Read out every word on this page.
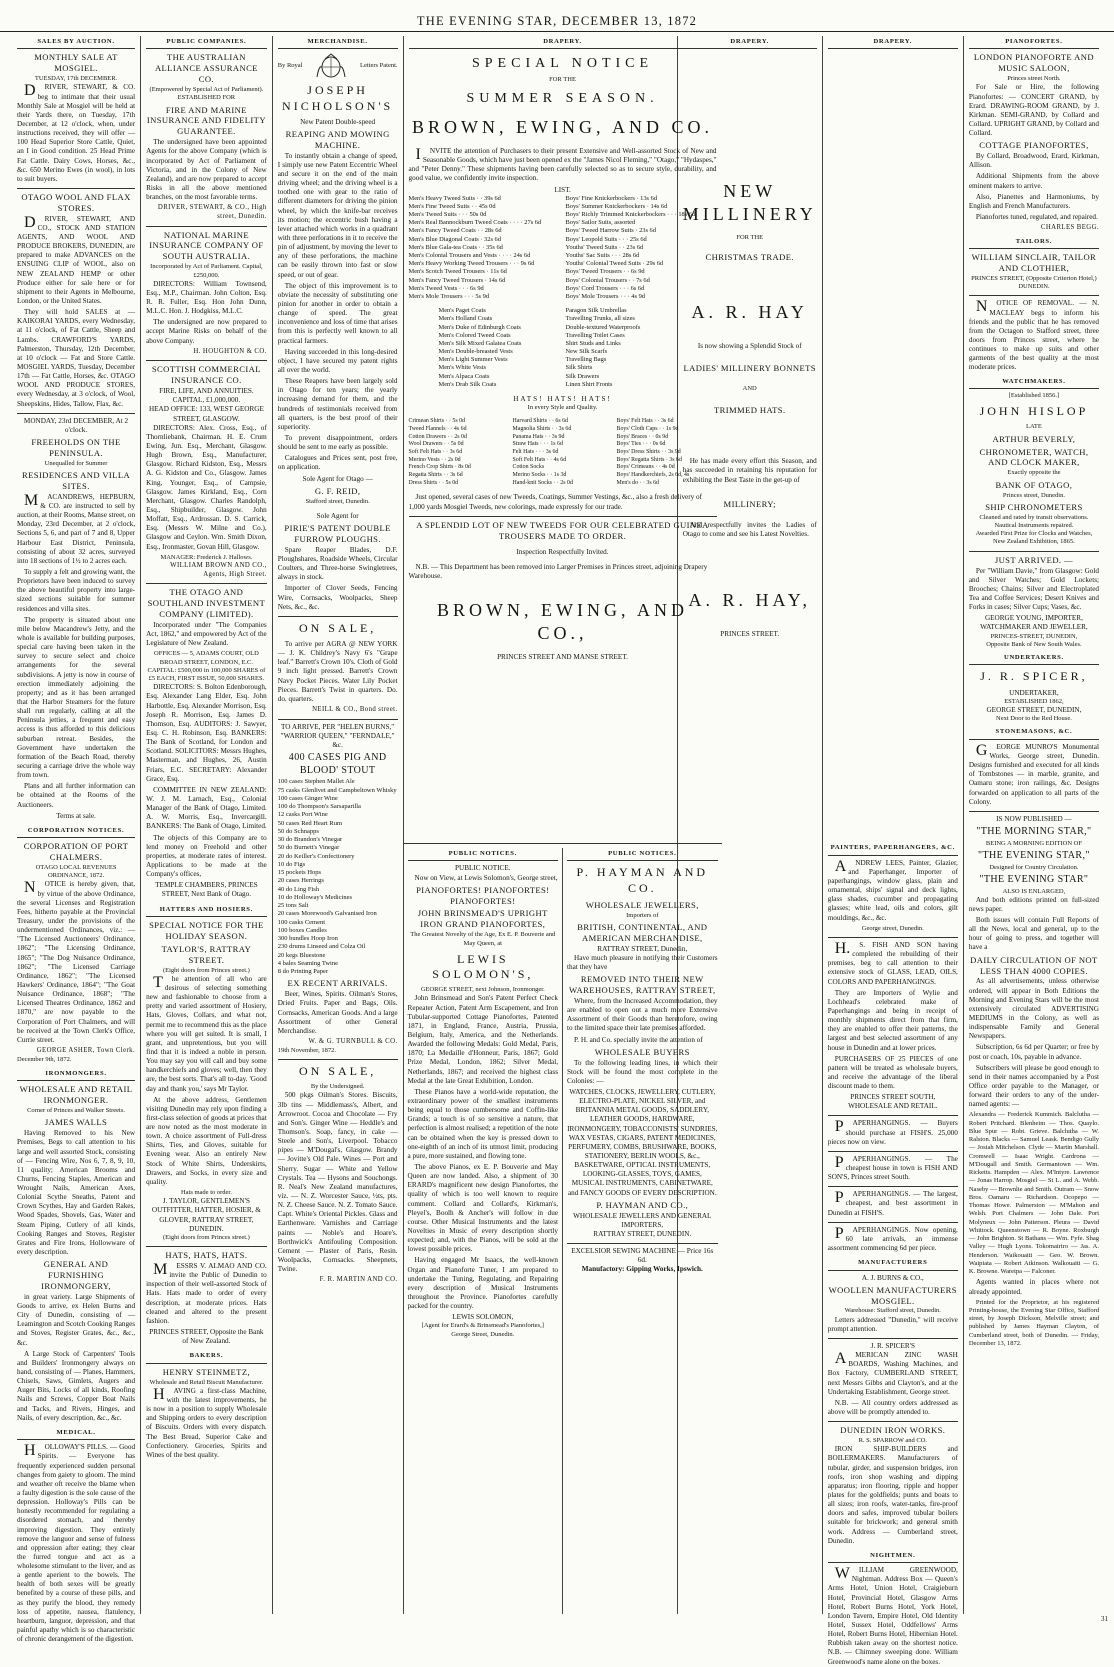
THE EVENING STAR, DECEMBER 13, 1872
SALES BY AUCTION.
MONTHLY SALE AT MOSGIEL.
TUESDAY, 17th DECEMBER.

DRIVER, STEWART, & CO. beg to intimate that their usual Monthly Sale at Mosgiel will be held at their Yards there, on Tuesday, 17th December, at 12 o'clock, when, under instructions received, they will offer — 100 Head Superior Store Cattle, Quiet, an I in Good condition. 25 Head Prime Fat Cattle. Dairy Cows, Horses, &c., &c. 650 Merino Ewes (in wool), in lots to suit buyers.

OTAGO WOOL AND FLAX STORES.

DRIVER, STEWART, AND CO., STOCK AND STATION AGENTS, AND WOOL AND PRODUCE BROKERS, DUNEDIN, are prepared to make ADVANCES on the ENSUING CLIP of WOOL, also on NEW ZEALAND HEMP or other Produce either for sale here or for shipment to their Agents in Melbourne, London, or the United States.

They will hold SALES at — KAIKORAI YARDS, every Wednesday, at 11 o'clock, of Fat Cattle, Sheep and Lambs. CRAWFORD'S YARDS, Palmerston, Thursday, 12th December, at 10 o'clock — Fat and Store Cattle. MOSGIEL YARDS, Tuesday, December 17th — Fat Cattle, Horses, &c. OTAGO WOOL AND PRODUCE STORES, every Wednesday, at 3 o'clock, of Wool, Sheepskins, Hides, Tallow, Flax, &c.

MONDAY, 23rd DECEMBER, At 2 o'clock.
FREEHOLDS ON THE PENINSULA.
Unequalled for Summer
RESIDENCES AND VILLA SITES.

MACANDREWS, HEPBURN, & CO. are instructed to sell by auction, at their Rooms, Manse street, on Monday, 23rd December, at 2 o'clock, Sections 5, 6, and part of 7 and 8, Upper Harbour East District, Peninsula, consisting of about 32 acres, surveyed into 18 sections of 1½ to 2 acres each.

To supply a felt and growing want, the Proprietors have been induced to survey the above beautiful property into large-sized sections suitable for summer residences and villa sites.

The property is situated about one mile below Macandrew's Jetty, and the whole is available for building purposes, special care having been taken in the survey to secure select and choice arrangements for the several subdivisions. A jetty is now in course of erection immediately adjoining the property; and as it has been arranged that the Harbor Steamers for the future shall run regularly, calling at all the Peninsula jetties, a frequent and easy access is thus afforded to this delicious suburban retreat. Besides, the Government have undertaken the formation of the Beach Road, thereby securing a carriage drive the whole way from town.

Plans and all further information can be obtained at the Rooms of the Auctioneers.

Terms at sale.
CORPORATION NOTICES.
CORPORATION OF PORT CHALMERS.
OTAGO LOCAL REVENUES ORDINANCE, 1872.

NOTICE is hereby given, that, by virtue of the above Ordinance, the several Licenses and Registration Fees, hitherto payable at the Provincial Treasury, under the provisions of the undermentioned Ordinances, viz.: — "The Licensed Auctioneers' Ordinance, 1862"; "The Licensing Ordinance, 1865"; "The Dog Nuisance Ordinance, 1862"; "The Licensed Carriage Ordinance, 1862"; "The Licensed Hawkers' Ordinance, 1864"; "The Goat Nuisance Ordinance, 1868"; "The Licensed Theatres Ordinance, 1862 and 1870," are now payable to the Corporation of Port Chalmers, and will be received at the Town Clerk's Office, Currie street.

GEORGE ASHER, Town Clerk.
December 9th, 1872.
IRONMONGERS.
WHOLESALE AND RETAIL IRONMONGER.
Corner of Princes and Walker Streets.
JAMES WALLS

Having Removed to his New Premises, Begs to call attention to his large and well assorted Stock, consisting of — Fencing Wire, Nos 6, 7, 8, 9, 10, 11 quality; American Brooms and Churns, Fencing Staples, American and Wrought Nails, American Axes, Colonial Scythe Sneaths, Patent and Crown Scythes, Hay and Garden Rakes, Wood Spades, Shovels, Gas, Water and Steam Piping, Cutlery of all kinds, Cooking Ranges and Stoves, Register Grates and Fire Irons, Hollowware of every description.

GENERAL AND FURNISHING IRONMONGERY,

in great variety. Large Shipments of Goods to arrive, ex Helen Burns and City of Dunedin, consisting of — Leamington and Scotch Cooking Ranges and Stoves, Register Grates, &c., &c., &c.

A Large Stock of Carpenters' Tools and Builders' Ironmongery always on hand, consisting of — Planes, Hammers, Chisels, Saws, Gimlets, Augers and Auger Bits, Locks of all kinds, Roofing Nails and Screws, Copper Boat Nails and Tacks, and Rivets, Hinges, and Nails, of every description, &c., &c.

MEDICAL.

HOLLOWAY'S PILLS. — Good Spirits. — Everyone has frequently experienced sudden personal changes from gaiety to gloom. The mind and weather oft receive the blame when a faulty digestion is the sole cause of the depression. Holloway's Pills can be honestly recommended for regulating a disordered stomach, and thereby improving digestion. They entirely remove the languor and sense of fulness and oppression after eating; they clear the furred tongue and act as a wholesome stimulant to the liver, and as a gentle aperient to the bowels. The health of both sexes will be greatly benefited by a course of these pills, and as they purify the blood, they remedy loss of appetite, nausea, flatulency, heartburn, languor, depression, and that painful apathy which is so characteristic of chronic derangement of the digestion.

PUBLIC COMPANIES.
THE AUSTRALIAN ALLIANCE ASSURANCE CO.
(Empowered by Special Act of Parliament).
ESTABLISHED FOR
FIRE AND MARINE INSURANCE AND FIDELITY GUARANTEE.

The undersigned have been appointed Agents for the above Company (which is incorporated by Act of Parliament of Victoria, and in the Colony of New Zealand), and are now prepared to accept Risks in all the above mentioned branches, on the most favorable terms.

DRIVER, STEWART, & CO., High street, Dunedin.
NATIONAL MARINE INSURANCE COMPANY OF SOUTH AUSTRALIA.
Incorporated by Act of Parliament. Capital, £250,000.

DIRECTORS: William Townsend, Esq., M.P., Chairman. John Colton, Esq. R. R. Fuller, Esq. Hon John Dunn, M.L.C. Hon. J. Hodgkiss, M.L.C.

The undersigned are now prepared to accept Marine Risks on behalf of the above Company.

H. HOUGHTON & CO.
SCOTTISH COMMERCIAL INSURANCE CO.
FIRE, LIFE, AND ANNUITIES.
CAPITAL, £1,000,000.
HEAD OFFICE: 133, WEST GEORGE STREET, GLASGOW.

DIRECTORS: Alex. Cross, Esq., of Thornliebank, Chairman. H. E. Crum Ewing, Jun. Esq., Merchant, Glasgow. Hugh Brown, Esq., Manufacturer, Glasgow. Richard Kidston, Esq., Messrs A. G. Kidston and Co., Glasgow. James King, Younger, Esq., of Campsie, Glasgow. James Kirkland, Esq., Corn Merchant, Glasgow. Charles Randolph, Esq., Shipbuilder, Glasgow. John Moffatt, Esq., Ardrossan. D. S. Carrick, Esq. (Messrs W. Milne and Co.), Glasgow and Ceylon. Wm. Smith Dixon, Esq., Ironmaster, Govan Hill, Glasgow.

MANAGER: Frederick J. Hallows.
WILLIAM BROWN AND CO., Agents, High Street.
THE OTAGO AND SOUTHLAND INVESTMENT COMPANY (LIMITED).

Incorporated under "The Companies Act, 1862," and empowered by Act of the Legislature of New Zealand.

OFFICES — 5, ADAMS COURT, OLD BROAD STREET, LONDON, E.C.
CAPITAL: £500,000 in 100,000 SHARES of £5 EACH, FIRST ISSUE, 50,000 SHARES.

DIRECTORS: S. Bolton Edenborough, Esq. Alexander Lang Elder, Esq. John Harbottle, Esq. Alexander Morrison, Esq. Joseph R. Morrison, Esq. James D. Thomson, Esq. AUDITORS: J. Sawyer, Esq. C. H. Robinson, Esq. BANKERS: The Bank of Scotland, for London and Scotland. SOLICITORS: Messrs Hughes, Masterman, and Hughes, 26, Austin Friars, E.C. SECRETARY: Alexander Grace, Esq.

COMMITTEE IN NEW ZEALAND: W. J. M. Larnach, Esq., Colonial Manager of the Bank of Otago, Limited. A. W. Morris, Esq., Invercargill. BANKERS: The Bank of Otago, Limited.

The objects of this Company are to lend money on Freehold and other properties, at moderate rates of interest. Applications to be made at the Company's offices,

TEMPLE CHAMBERS, PRINCES STREET, Next Bank of Otago.
HATTERS AND HOSIERS.
SPECIAL NOTICE FOR THE HOLIDAY SEASON.
TAYLOR'S, RATTRAY STREET.
(Eight doors from Princes street.)

The attention of all who are desirous of selecting something new and fashionable to choose from a pretty and varied assortment of Hosiery, Hats, Gloves, Collars, and what not, permit me to recommend this as the place where you will get suited. It is small, I grant, and unpretentious, but you will find that it is indeed a noble in person. You may say you will call and buy some handkerchiefs and gloves; well, then they are, the best sorts. That's all to-day. 'Good day and thank you,' says Mr Taylor.

At the above address, Gentlemen visiting Dunedin may rely upon finding a first-class selection of goods at prices that are now noted as the most moderate in town. A choice assortment of Full-dress Shirts, Ties, and Gloves, suitable for Evening wear. Also an entirely New Stock of White Shirts, Underskirts, Drawers, and Socks, in every size and quality.

Hats made to order.
J. TAYLOR, GENTLEMEN'S OUTFITTER, HATTER, HOSIER, & GLOVER, RATTRAY STREET, DUNEDIN.
(Eight doors from Princes street.)
HATS, HATS, HATS.

MESSRS V. ALMAO AND CO. invite the Public of Dunedin to inspection of their well-assorted Stock of Hats. Hats made to order of every description, at moderate prices. Hats cleaned and altered to the present fashion.

PRINCES STREET, Opposite the Bank of New Zealand.
BAKERS.
HENRY STEINMETZ,
Wholesale and Retail Biscuit Manufacturer.

HAVING a first-class Machine, with the latest improvements, he is now in a position to supply Wholesale and Shipping orders to every description of Biscuits. Orders with every dispatch. The Best Bread, Superior Cake and Confectionery. Groceries, Spirits and Wines of the best quality.

MERCHANDISE.
By Royal	Letters Patent.
JOSEPH NICHOLSON'S
New Patent Double-speed
REAPING AND MOWING MACHINE.

To instantly obtain a change of speed, I simply use new Patent Eccentric Wheel and secure it on the end of the main driving wheel; and the driving wheel is a toothed one with gear to the ratio of different diameters for driving the pinion wheel, by which the knife-bar receives its motion; the eccentric bush having a lever attached which works in a quadrant with three perforations in it to receive the pin of adjustment, by moving the lever to any of these perforations, the machine can be easily thrown into fast or slow speed, or out of gear.

The object of this improvement is to obviate the necessity of substituting one pinion for another in order to obtain a change of speed. The great inconvenience and loss of time that arises from this is perfectly well known to all practical farmers.

Having succeeded in this long-desired object, I have secured my patent rights all over the world.

These Reapers have been largely sold in Otago for ten years; the yearly increasing demand for them, and the hundreds of testimonials received from all quarters, is the best proof of their superiority.

To prevent disappointment, orders should be sent to me early as possible.

Catalogues and Prices sent, post free, on application.

Sole Agent for Otago —
G. F. REID,
Stafford street, Dunedin.
Sole Agent for
PIRIE'S PATENT DOUBLE FURROW PLOUGHS.

Spare Reaper Blades, D.F. Ploughshares, Roadside Wheels, Circular Coulters, and Three-horse Swingletrees, always in stock.

Importer of Clover Seeds, Fencing Wire, Cornsacks, Woolpacks, Sheep Nets, &c., &c.

ON SALE,

To arrive per AGRA @ NEW YORK — J. K. Childrey's Navy 6's "Grape leaf." Barrett's Crown 10's. Cloth of Gold 9 inch light pressed. Barrett's Crown Navy Pocket Pieces. Water Lily Pocket Pieces. Barrett's Twist in quarters. Do. do. quarters.

NEILL & CO., Bond street.
TO ARRIVE, PER "HELEN BURNS," "WARRIOR QUEEN," "FERNDALE," &c.
400 CASES PIG AND BLOOD' STOUT
100 cases Stephen Mallet Ale
75 casks Glenlivet and Campbeltown Whisky
100 cases Ginger Wine
100 do Thompson's Sarsaparilla
12 casks Port Wine
50 cases Red Heart Rum
50 do Schnapps
30 do Brandon's Vinegar
50 do Burnett's Vinegar
20 do Keiller's Confectionery
10 do Figs
15 pockets Hops
20 cases Herrings
40 do Ling Fish
10 do Holloway's Medicines
25 tons Salt
20 cases Morewood's Galvanised Iron
100 casks Cement
100 boxes Candles
300 bundles Hoop Iron
230 drums Linseed and Colza Oil
20 kegs Bluestone
4 bales Seaming Twine
8 do Printing Paper
EX RECENT ARRIVALS.

Beer, Wines, Spirits. Oilman's Stores, Dried Fruits. Paper and Bags, Oils. Cornsacks, American Goods. And a large Assortment of other General Merchandise.

W. & G. TURNBULL & CO.
19th November, 1872.
ON SALE,
By the Undersigned.

500 pkgs Oilman's Stores. Biscuits, 3lb tins — Middlemass's, Albert, and Arrowroot. Cocoa and Chocolate — Fry and Son's. Ginger Wine — Heddle's and Thomson's. Soap, fancy, in cake — Steele and Son's, Liverpool. Tobacco pipes — M'Dougal's, Glasgow. Brandy — Jovitte's Old Pale. Wines — Port and Sherry. Sugar — White and Yellow Crystals. Tea — Hysons and Souchongs. R. Neal's New Zealand manufactures, viz. — N. Z. Worcester Sauce, ½ts, pts. N. Z. Cheese Sauce. N. Z. Tomato Sauce. Capt. White's Oriental Pickles. Glass and Earthenware. Varnishes and Carriage paints — Noble's and Hoare's. Borthwick's Antifouling Composition. Cement — Plaster of Paris, Resin. Woolpacks, Cornsacks. Sheepnets, Twine.

F. R. MARTIN AND CO.
DRAPERY.
SPECIAL NOTICE
FOR THE
SUMMER SEASON.
BROWN, EWING, AND CO.

INVITE the attention of Purchasers to their present Extensive and Well-assorted Stock of New and Seasonable Goods, which have just been opened ex the "James Nicol Fleming," "Otago," "Hydaspes," and "Peter Denny." These shipments having been carefully selected so as to secure style, durability, and good value, we confidently invite inspection.

LIST.
Men's Heavy Tweed Suits · · 39s 6d
Men's Fine Tweed Suits · · 45s 0d
Men's Tweed Suits · · · 50s 0d
Men's Real Bannockburn Tweed Coats · · · · 27s 6d
Men's Fancy Tweed Coats · · 28s 6d
Men's Blue Diagonal Coats · 32s 6d
Men's Blue Gala-tea Coats · · 35s 6d
Men's Colonial Trousers and Vests · · · · 24s 6d
Men's Heavy Working Tweed Trousers · · · 9s 6d
Men's Scotch Tweed Trousers · 11s 6d
Men's Fancy Tweed Trousers · 14s 6d
Men's Tweed Vests · · · 6s 9d
Men's Mole Trousers · · · 5s 9d
Boys' Fine Knickerbockers · 13s 6d
Boys' Summer Knickerbockers · 14s 6d
Boys' Richly Trimmed Knickerbockers · · · 18s 6d
Boys' Sailor Suits, assorted
Boys' Tweed Harrow Suits · 23s 6d
Boys' Leopold Suits · · · 25s 6d
Youths' Tweed Suits · · 23s 6d
Youths' Sac Suits · · · 28s 6d
Youths' Colonial Tweed Suits · 29s 6d
Boys' Tweed Trousers · · 6s 9d
Boys' Colonial Trousers · · 7s 6d
Boys' Cord Trousers · · · 6s 6d
Boys' Mole Trousers · · · 4s 9d
Men's Paget Coats
Men's Holland Coats
Men's Duke of Edinburgh Coats
Men's Colored Tweed Coats
Men's Silk Mixed Galatea Coats
Men's Double-breasted Vests
Men's Light Summer Vests
Men's White Vests
Men's Alpaca Coats
Men's Drab Silk Coats
Paragon Silk Umbrellas
Travelling Trunks, all sizes
Double-textured Waterproofs
Travelling Toilet Cases
Shirt Studs and Links
New Silk Scarfs
Travelling Bags
Silk Shirts
Silk Drawers
Linen Shirt Fronts
HATS! HATS! HATS!
In every Style and Quality.
Crimean Shirts · · 5s 0d
Tweed Flannels · · 4s 6d
Cotton Drawers · · 2s 0d
Wool Drawers · · 5s 0d
Soft Felt Hats · · 3s 6d
Merino Vests · · 2s 0d
French Crop Shirts · 8s 0d
Regatta Shirts · · 3s 6d
Dress Shirts · · 5s 0d
Harvard Shirts · · 6s 6d
Magnolia Shirts · · 3s 6d
Panama Hats · · 3s 9d
Straw Hats · · · 1s 6d
Felt Hats · · · 3s 6d
Soft Felt Hats · · 4s 6d
Cotton Socks
Merino Socks · · 1s 3d
Hand-knit Socks · · 2s 0d
Boys' Felt Hats · · 3s 6d
Boys' Cloth Caps · · 1s 9d
Boys' Braces · · 0s 9d
Boys' Ties · · · 0s 6d
Boys' Dress Shirts · · 3s 9d
Boys' Regatta Shirts · 3s 6d
Boys' Crimeans · · 4s 0d
Boys' Handkerchiefs, 2s 6d, 4s
Men's do · · 3s 6d

Just opened, several cases of new Tweeds, Coatings, Summer Vestings, &c., also a fresh delivery of 1,000 yards Mosgiel Tweeds, new colorings, made expressly for our trade.

A SPLENDID LOT OF NEW TWEEDS FOR OUR CELEBRATED GUINEA TROUSERS MADE TO ORDER.
Inspection Respectfully Invited.

N.B. — This Department has been removed into Larger Premises in Princes street, adjoining Drapery Warehouse.

BROWN, EWING, AND CO.,
PRINCES STREET AND MANSE STREET.
PUBLIC NOTICES.
PUBLIC NOTICE.

Now on View, at Lewis Solomon's, George street,

PIANOFORTES! PIANOFORTES! PIANOFORTES!
JOHN BRINSMEAD'S UPRIGHT IRON GRAND PIANOFORTES,
The Greatest Novelty of the Age, Ex E. P. Bouverie and May Queen, at
LEWIS SOLOMON'S,
GEORGE STREET, next Johnson, Ironmonger.

John Brinsmead and Son's Patent Perfect Check Repeater Action, Patent Arm Escapement, and Iron Tubular-supported Cottage Pianofortes, Patented 1871, in England, France, Austria, Prussia, Belgium, Italy, America, and the Netherlands. Awarded the following Medals: Gold Medal, Paris, 1870; La Medaille d'Honneur, Paris, 1867; Gold Prize Medal, London, 1862; Silver Medal, Netherlands, 1867; and received the highest class Medal at the late Great Exhibition, London.

These Pianos have a world-wide reputation, the extraordinary power of the smallest instruments being equal to those cumbersome and Coffin-like Grands; a touch is of so sensitive a nature, that perfection is almost realised; a repetition of the note can be obtained when the key is pressed down to one-eighth of an inch of its utmost limit, producing a pure, more sustained, and flowing tone.

The above Pianos, ex E. P. Bouverie and May Queen are now landed. Also, a shipment of 30 ERARD's magnificent new design Pianofortes, the quality of which is too well known to require comment. Collard and Collard's, Kirkman's, Pleyel's, Boolh & Ancher's will follow in due course. Other Musical Instruments and the latest Novelties in Music of every description shortly expected; and, with the Pianos, will be sold at the lowest possible prices.

Having engaged Mr Isaacs, the well-known Organ and Pianoforte Tuner, I am prepared to undertake the Tuning, Regulating, and Repairing every description of Musical Instruments throughout the Province. Pianofortes carefully packed for the country.

LEWIS SOLOMON,
[Agent for Erard's & Brinsmead's Pianofortes,]
George Street, Dunedin.
PUBLIC NOTICES.
P. HAYMAN AND CO.
WHOLESALE JEWELLERS,
Importers of
BRITISH, CONTINENTAL, AND AMERICAN MERCHANDISE,
RATTRAY STREET, Dunedin,

Have much pleasure in notifying their Customers that they have

REMOVED INTO THEIR NEW WAREHOUSES, RATTRAY STREET,

Where, from the Increased Accommodation, they are enabled to open out a much more Extensive Assortment of their Goods than heretofore, owing to the limited space their late premises afforded.

P. H. and Co. specially invite the attention of

WHOLESALE BUYERS

To the following leading lines, in which their Stock will be found the most complete in the Colonies: —

WATCHES, CLOCKS, JEWELLERY, CUTLERY, ELECTRO-PLATE, NICKEL SILVER, and BRITANNIA METAL GOODS, SADDLERY, LEATHER GOODS, HARDWARE, IRONMONGERY, TOBACCONISTS' SUNDRIES, WAX VESTAS, CIGARS, PATENT MEDICINES, PERFUMERY, COMBS, BRUSHWARE, BOOKS, STATIONERY, BERLIN WOOLS, &c., BASKETWARE, OPTICAL INSTRUMENTS, LOOKING-GLASSES, TOYS, GAMES, MUSICAL INSTRUMENTS, CABINETWARE, and FANCY GOODS OF EVERY DESCRIPTION.
P. HAYMAN AND CO.,
WHOLESALE JEWELLERS AND GENERAL IMPORTERS,
RATTRAY STREET, DUNEDIN.
EXCELSIOR SEWING MACHINE — Price 16s 6d.
Manufactory: Gipping Works, Ipswich.
DRAPERY.
NEW MILLINERY
FOR THE
CHRISTMAS TRADE.
A. R. HAY
Is now showing a Splendid Stock of
LADIES' MILLINERY BONNETS
AND
TRIMMED HATS.

He has made every effort this Season, and has succeeded in retaining his reputation for exhibiting the Best Taste in the get-up of

MILLINERY;

And respectfully invites the Ladies of Otago to come and see his Latest Novelties.

A. R. HAY,
PRINCES STREET.
DRAPERY.
PAINTERS, PAPERHANGERS, &C.

ANDREW LEES, Painter, Glazier, and Paperhanger, Importer of paperhangings, window glass, plain and ornamental, ships' signal and deck lights, glass shades, cucumber and propagating glasses; white lead, oils and colors, gilt mouldings, &c., &c.

George street, Dunedin.

H.S. FISH AND SON having completed the rebuilding of their premises, beg to call attention to their extensive stock of GLASS, LEAD, OILS, COLORS AND PAPERHANGINGS.

They are Importers of Wylie and Lochhead's celebrated make of Paperhangings and being in receipt of monthly shipments direct from that firm, they are enabled to offer their patterns, the largest and best selected assortment of any house in Dunedin and at lower prices.

PURCHASERS OF 25 PIECES of one pattern will be treated as wholesale buyers, and receive the advantage of the liberal discount made to them.

PRINCES STREET SOUTH, WHOLESALE AND RETAIL.

PAPERHANGINGS. — Buyers should purchase at FISH'S. 25,000 pieces now on view.

PAPERHANGINGS. — The cheapest house in town is FISH AND SON'S, Princes street South.

PAPERHANGINGS. — The largest, cheapest, and best assortment in Dunedin at FISH'S.

PAPERHANGINGS. Now opening, 60 late arrivals, an immense assortment commencing 6d per piece.

MANUFACTURERS
A. J. BURNS & CO.,
WOOLLEN MANUFACTURERS MOSGIEL.
Warehouse: Stafford street, Dunedin.

Letters addressed "Dunedin," will receive prompt attention.

J. R. SPICER'S

AMERICAN ZINC WASH BOARDS, Washing Machines, and Box Factory, CUMBERLAND STREET, next Messrs Gibbs and Clayton's, and at the Undertaking Establishment, George street.

N.B. — All country orders addressed as above will be promptly attended to.

DUNEDIN IRON WORKS.
R. S. SPARROW and CO.

IRON SHIP-BUILDERS and BOILERMAKERS. Manufacturers of tubular, girder, and suspension bridges, iron roofs, iron shop washing and dipping apparatus; iron flooring, ripple and hopper plates for the goldfields; punts and boats to all sizes; iron roofs, water-tanks, fire-proof doors and safes, improved tubular boilers suitable for brickwork; and general smith work. Address — Cumberland street, Dunedin.

NIGHTMEN.

WILLIAM GREENWOOD, Nightman. Address Box — Queen's Arms Hotel, Union Hotel, Craigieburn Hotel, Provincial Hotel, Glasgow Arms Hotel, Robert Burns Hotel, York Hotel, London Tavern, Empire Hotel, Old Identity Hotel, Sussex Hotel, Oddfellows' Arms Hotel, Robert Burns Hotel, Hibernian Hotel. Rubbish taken away on the shortest notice. N.B. — Chimney sweeping done. William Greenwood's name alone on the boxes.

PIANOFORTES.
LONDON PIANOFORTE AND MUSIC SALOON,
Princes street North.

For Sale or Hire, the following Pianofortes: — CONCERT GRAND, by Erard. DRAWING-ROOM GRAND, by J. Kirkman. SEMI-GRAND, by Collard and Collard. UPRIGHT GRAND, by Collard and Collard.

COTTAGE PIANOFORTES,

By Collard, Broadwood, Erard, Kirkman, Allison.

Additional Shipments from the above eminent makers to arrive.

Also, Pianettes and Harmoniums, by English and French Manufacturers.

Pianofortes tuned, regulated, and repaired.

CHARLES BEGG.
TAILORS.
WILLIAM SINCLAIR, TAILOR AND CLOTHIER,
PRINCES STREET, (Opposite Criterion Hotel,) DUNEDIN.

NOTICE OF REMOVAL. — N. MACLEAY begs to inform his friends and the public that he has removed from the Octagon to Stafford street, three doors from Princes street, where he continues to make up suits and other garments of the best quality at the most moderate prices.

WATCHMAKERS.
[Established 1856.]
JOHN HISLOP
LATE
ARTHUR BEVERLY,
CHRONOMETER, WATCH, AND CLOCK MAKER,
Exactly opposite the
BANK OF OTAGO,
Princes street, Dunedin.
SHIP CHRONOMETERS
Cleaned and rated by transit observations. Nautical Instruments repaired.
Awarded First Prize for Clocks and Watches, New Zealand Exhibition, 1865.
JUST ARRIVED. —

Per "William Davie," from Glasgow: Gold and Silver Watches; Gold Lockets; Brooches; Chains; Silver and Electroplated Tea and Coffee Services; Desert Knives and Forks in cases; Silver Cups; Vases, &c.

GEORGE YOUNG, IMPORTER, WATCHMAKER AND JEWELLER,
PRINCES-STREET, DUNEDIN,
Opposite Bank of New South Wales.
UNDERTAKERS.
J. R. SPICER,
UNDERTAKER,
ESTABLISHED 1862,
GEORGE STREET, DUNEDIN,
Next Door to the Red House.
STONEMASONS, &C.

GEORGE MUNRO'S Monumental Works, George street, Dunedin. Designs furnished and executed for all kinds of Tombstones — in marble, granite, and Oamaru stone; iron railings, &c. Designs forwarded on application to all parts of the Colony.

IS NOW PUBLISHED —
"THE MORNING STAR,"
BEING A MORNING EDITION OF
"THE EVENING STAR,"
Designed for Country Circulation.
"THE EVENING STAR"
ALSO IS ENLARGED,

And both editions printed on full-sized news paper.

Both issues will contain Full Reports of all the News, local and general, up to the hour of going to press, and together will have a

DAILY CIRCULATION OF NOT LESS THAN 4000 COPIES.

As all advertisements, unless otherwise ordered, will appear in Both Editions the Morning and Evening Stars will be the most extensively circulated ADVERTISING MEDIUMS in the Colony, as well as indispensable Family and General Newspapers.

Subscription, 6s 6d per Quarter; or free by post or coach, 10s, payable in advance.

Subscribers will please be good enough to send in their names accompanied by a Post Office order payable to the Manager, or forward their orders to any of the under-named agents: —

Alexandra — Frederick Kummich. Balclutha — Robert Pritchard. Blenheim — Thos. Quaylo. Blue Spur — Robt. Grieve. Balclutha — W. Ralston. Blacks — Samuel Leask. Bendigo Gully — Josiah Mitchelson. Clyde — Martin Marshall. Cromwell — Isaac Wright. Cardrona — M'Dougall and Smith. Germantown — Wm. Ricketts. Hampden — Alex. M'Intyre. Lawrence — Jonas Harrop. Mosgiel — St L. and A. Webb. Naseby — Brownlie and Smith. Outram — Snow Bros. Oamaru — Richardson. Ocopepo — Thomas Howe. Palmerston — M'Mahon and Welsh. Port Chalmers — John Dale. Port Molyneux — John Patterson. Pleura — David Whittock. Queenstown — R. Boyne. Roxburgh — John Brighton. St Bathans — Wm. Fyfe. Shag Valley — Hugh Lyons. Tokomairiro — Jas. A. Henderson. Waikouaiti — Geo. W. Brown. Waipiata — Robert Atkinson. Walkouaiti — G. K. Browne. Waretpa — Falconer.

Agents wanted in places where not already appointed.

Printed for the Proprietor, at his registered Printing-house, the Evening Star Office, Stafford street, by Joseph Dickson, Melville street; and published by James Hayman Clayton, of Cumberland street, both of Dunedin. — Friday, December 13, 1872.

31
